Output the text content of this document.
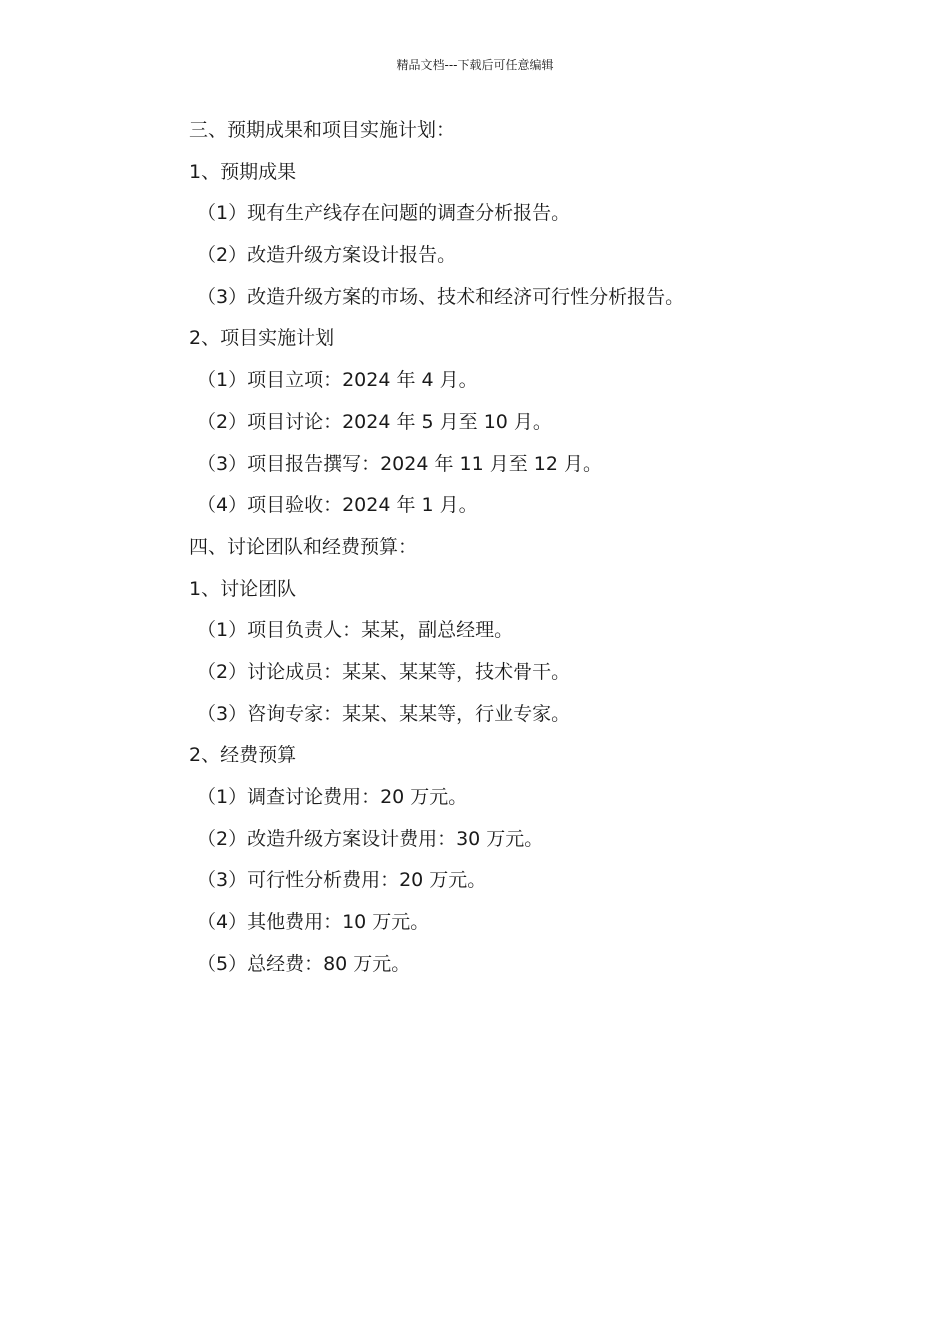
精品文档---下载后可任意编辑
三、预期成果和项目实施计划：
1、预期成果
（1）现有生产线存在问题的调查分析报告。
（2）改造升级方案设计报告。
（3）改造升级方案的市场、技术和经济可行性分析报告。
2、项目实施计划
（1）项目立项：2024 年 4 月。
（2）项目讨论：2024 年 5 月至 10 月。
（3）项目报告撰写：2024 年 11 月至 12 月。
（4）项目验收：2024 年 1 月。
四、讨论团队和经费预算：
1、讨论团队
（1）项目负责人：某某，副总经理。
（2）讨论成员：某某、某某等，技术骨干。
（3）咨询专家：某某、某某等，行业专家。
2、经费预算
（1）调查讨论费用：20 万元。
（2）改造升级方案设计费用：30 万元。
（3）可行性分析费用：20 万元。
（4）其他费用：10 万元。
（5）总经费：80 万元。
